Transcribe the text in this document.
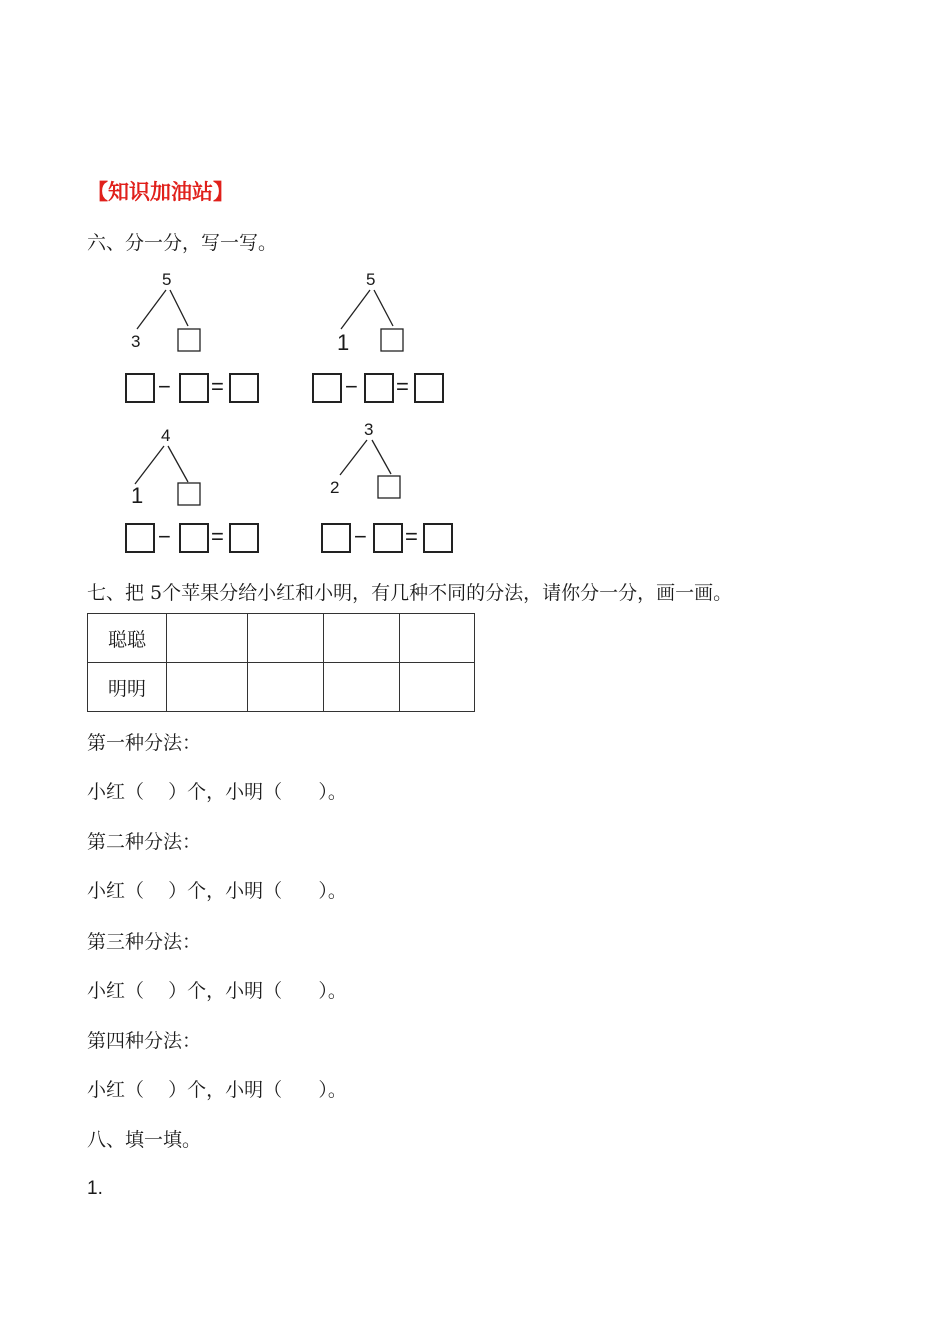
【知识加油站】
六、分一分，写一写。
5
3
5
1
4
1
3
2
− =	− =
− =	− =
七、把 5个苹果分给小红和小明，有几种不同的分法，请你分一分，画一画。
聪聪				
明明				
第一种分法：
小红（    ）个，小明（      ）。
第二种分法：
小红（    ）个，小明（      ）。
第三种分法：
小红（    ）个，小明（      ）。
第四种分法：
小红（    ）个，小明（      ）。
八、填一填。
1.
